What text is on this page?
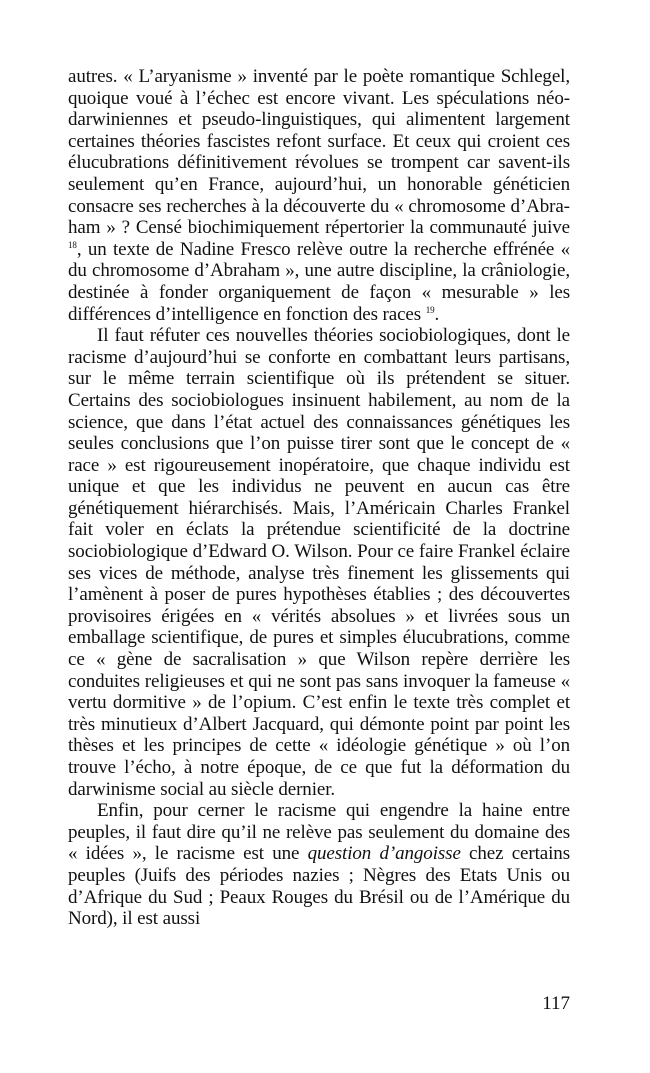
autres. « L’aryanisme » inventé par le poète romantique Schlegel, quoique voué à l’échec est encore vivant. Les spéculations néo-darwiniennes et pseudo-linguistiques, qui alimentent largement certaines théories fascistes refont surface. Et ceux qui croient ces élucubrations définitivement révolues se trompent car savent-ils seulement qu’en France, aujourd’hui, un honorable généticien consacre ses recherches à la découverte du « chromosome d’Abraham » ? Censé biochimiquement répertorier la communauté juive $^{18}$, un texte de Nadine Fresco relève outre la recherche effrénée « du chromosome d’Abraham », une autre discipline, la crâniologie, destinée à fonder organiquement de façon « mesurable » les différences d’intelligence en fonction des races $^{19}$.

Il faut réfuter ces nouvelles théories sociobiologiques, dont le racisme d’aujourd’hui se conforte en combattant leurs partisans, sur le même terrain scientifique où ils prétendent se situer. Certains des sociobiologues insinuent habilement, au nom de la science, que dans l’état actuel des connaissances génétiques les seules conclusions que l’on puisse tirer sont que le concept de « race » est rigoureusement inopératoire, que chaque individu est unique et que les individus ne peuvent en aucun cas être génétiquement hiérarchisés. Mais, l’Américain Charles Frankel fait voler en éclats la prétendue scientificité de la doctrine sociobiologique d’Edward O. Wilson. Pour ce faire Frankel éclaire ses vices de méthode, analyse très finement les glissements qui l’amènent à poser de pures hypothèses établies ; des découvertes provisoires érigées en « vérités absolues » et livrées sous un emballage scientifique, de pures et simples élucubrations, comme ce « gène de sacralisation » que Wilson repère derrière les conduites religieuses et qui ne sont pas sans invoquer la fameuse « vertu dormitive » de l’opium. C’est enfin le texte très complet et très minutieux d’Albert Jacquard, qui démonte point par point les thèses et les principes de cette « idéologie génétique » où l’on trouve l’écho, à notre époque, de ce que fut la déformation du darwinisme social au siècle dernier.

Enfin, pour cerner le racisme qui engendre la haine entre peuples, il faut dire qu’il ne relève pas seulement du domaine des « idées », le racisme est une question d’angoisse chez certains peuples (Juifs des périodes nazies ; Nègres des Etats Unis ou d’Afrique du Sud ; Peaux Rouges du Brésil ou de l’Amérique du Nord), il est aussi

117
